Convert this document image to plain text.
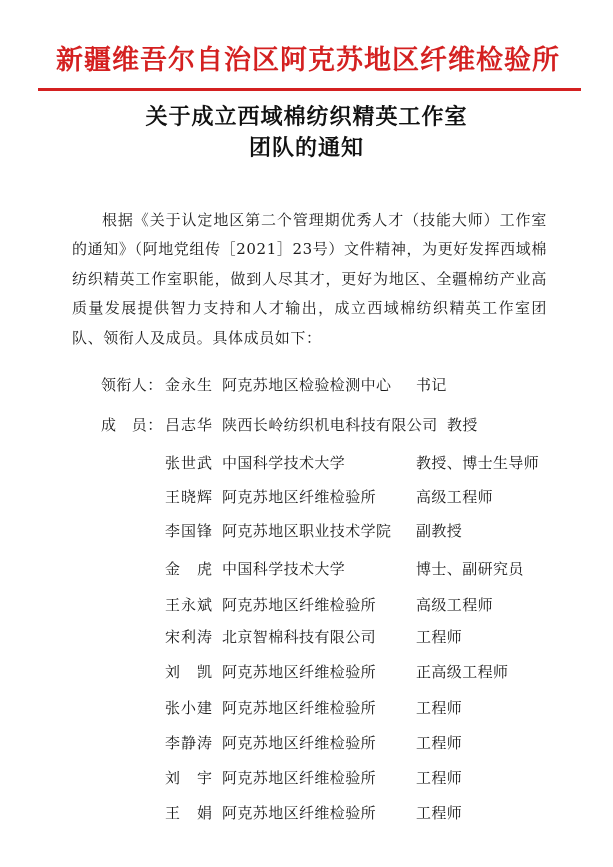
新疆维吾尔自治区阿克苏地区纤维检验所
关于成立西域棉纺织精英工作室
团队的通知
根据《关于认定地区第二个管理期优秀人才（技能大师）工作室的通知》（阿地党组传［2021］23号）文件精神，为更好发挥西域棉纺织精英工作室职能，做到人尽其才，更好为地区、全疆棉纺产业高质量发展提供智力支持和人才输出，成立西域棉纺织精英工作室团队、领衔人及成员。具体成员如下：
领衔人： 金永生 阿克苏地区检验检测中心 书记
成　员： 吕志华 陕西长岭纺织机电科技有限公司 教授
张世武 中国科学技术大学	教授、博士生导师
王晓辉 阿克苏地区纤维检验所	高级工程师
李国锋 阿克苏地区职业技术学院 副教授
金　虎 中国科学技术大学	博士、副研究员
王永斌 阿克苏地区纤维检验所	高级工程师
宋利涛 北京智棉科技有限公司	工程师
刘　凯 阿克苏地区纤维检验所	正高级工程师
张小建 阿克苏地区纤维检验所	工程师
李静涛 阿克苏地区纤维检验所	工程师
刘　宇 阿克苏地区纤维检验所	工程师
王　娟 阿克苏地区纤维检验所	工程师
